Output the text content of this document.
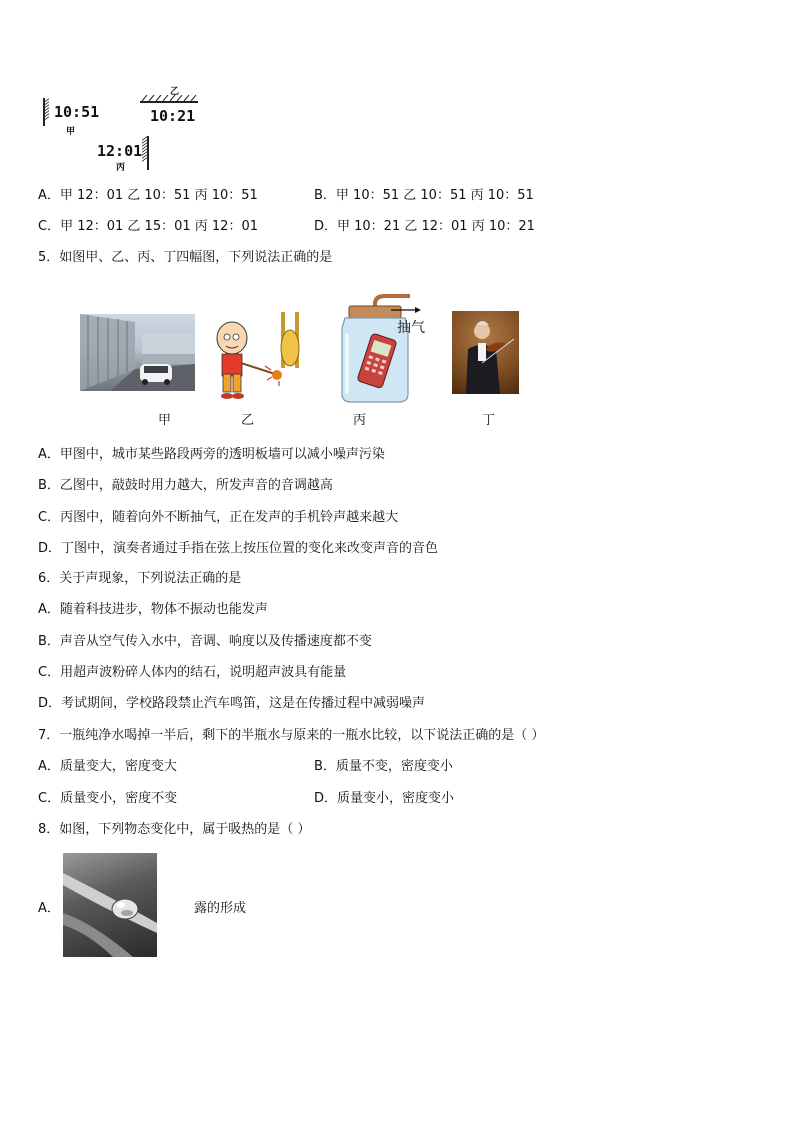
10:51
甲
乙
10:21
12:01
丙
A．甲 12：01 乙 10：51 丙 10：51	B．甲 10：51 乙 10：51 丙 10：51
C．甲 12：01 乙 15：01 丙 12：01	D．甲 10：21 乙 12：01 丙 10：21
5．如图甲、乙、丙、丁四幅图，下列说法正确的是
抽气
甲	乙	丙	丁
A．甲图中，城市某些路段两旁的透明板墙可以减小噪声污染
B．乙图中，敲鼓时用力越大，所发声音的音调越高
C．丙图中，随着向外不断抽气，正在发声的手机铃声越来越大
D．丁图中，演奏者通过手指在弦上按压位置的变化来改变声音的音色
6．关于声现象，下列说法正确的是
A．随着科技进步，物体不振动也能发声
B．声音从空气传入水中，音调、响度以及传播速度都不变
C．用超声波粉碎人体内的结石，说明超声波具有能量
D．考试期间，学校路段禁止汽车鸣笛，这是在传播过程中减弱噪声
7．一瓶纯净水喝掉一半后，剩下的半瓶水与原来的一瓶水比较，以下说法正确的是（ ）
A．质量变大，密度变大	B．质量不变，密度变小
C．质量变小，密度不变	D．质量变小，密度变小
8．如图，下列物态变化中，属于吸热的是（ ）
A．	露的形成
